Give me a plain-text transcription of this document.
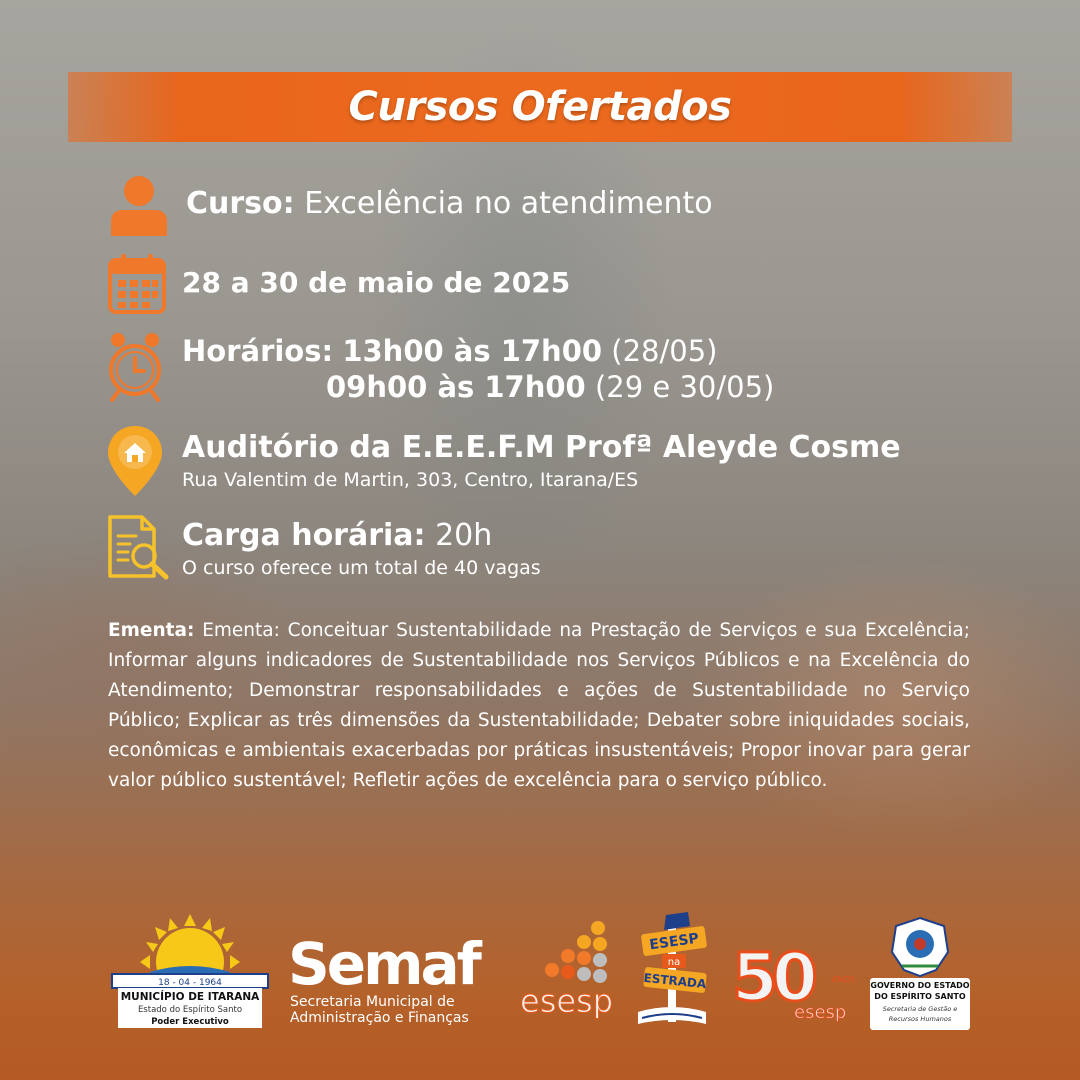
Cursos Ofertados
Curso: Excelência no atendimento
28 a 30 de maio de 2025
Horários: 13h00 às 17h00 (28/05)
09h00 às 17h00 (29 e 30/05)
Auditório da E.E.E.F.M Profª Aleyde Cosme
Rua Valentim de Martin, 303, Centro, Itarana/ES
Carga horária: 20h
O curso oferece um total de 40 vagas
Ementa: Ementa: Conceituar Sustentabilidade na Prestação de Serviços e sua Excelência; Informar alguns indicadores de Sustentabilidade nos Serviços Públicos e na Excelência do Atendimento; Demonstrar responsabilidades e ações de Sustentabilidade no Serviço Público; Explicar as três dimensões da Sustentabilidade; Debater sobre iniquidades sociais, econômicas e ambientais exacerbadas por práticas insustentáveis; Propor inovar para gerar valor público sustentável; Refletir ações de excelência para o serviço público.
18 - 04 - 1964
MUNICÍPIO DE ITARANA
Estado do Espírito Santo
Poder Executivo
Semaf
Secretaria Municipal de
Administração e Finanças esesp
ESESP
na
ESTRADA 50	ANOS
esesp
GOVERNO DO ESTADO
DO ESPÍRITO SANTO
Secretaria de Gestão e
Recursos Humanos
